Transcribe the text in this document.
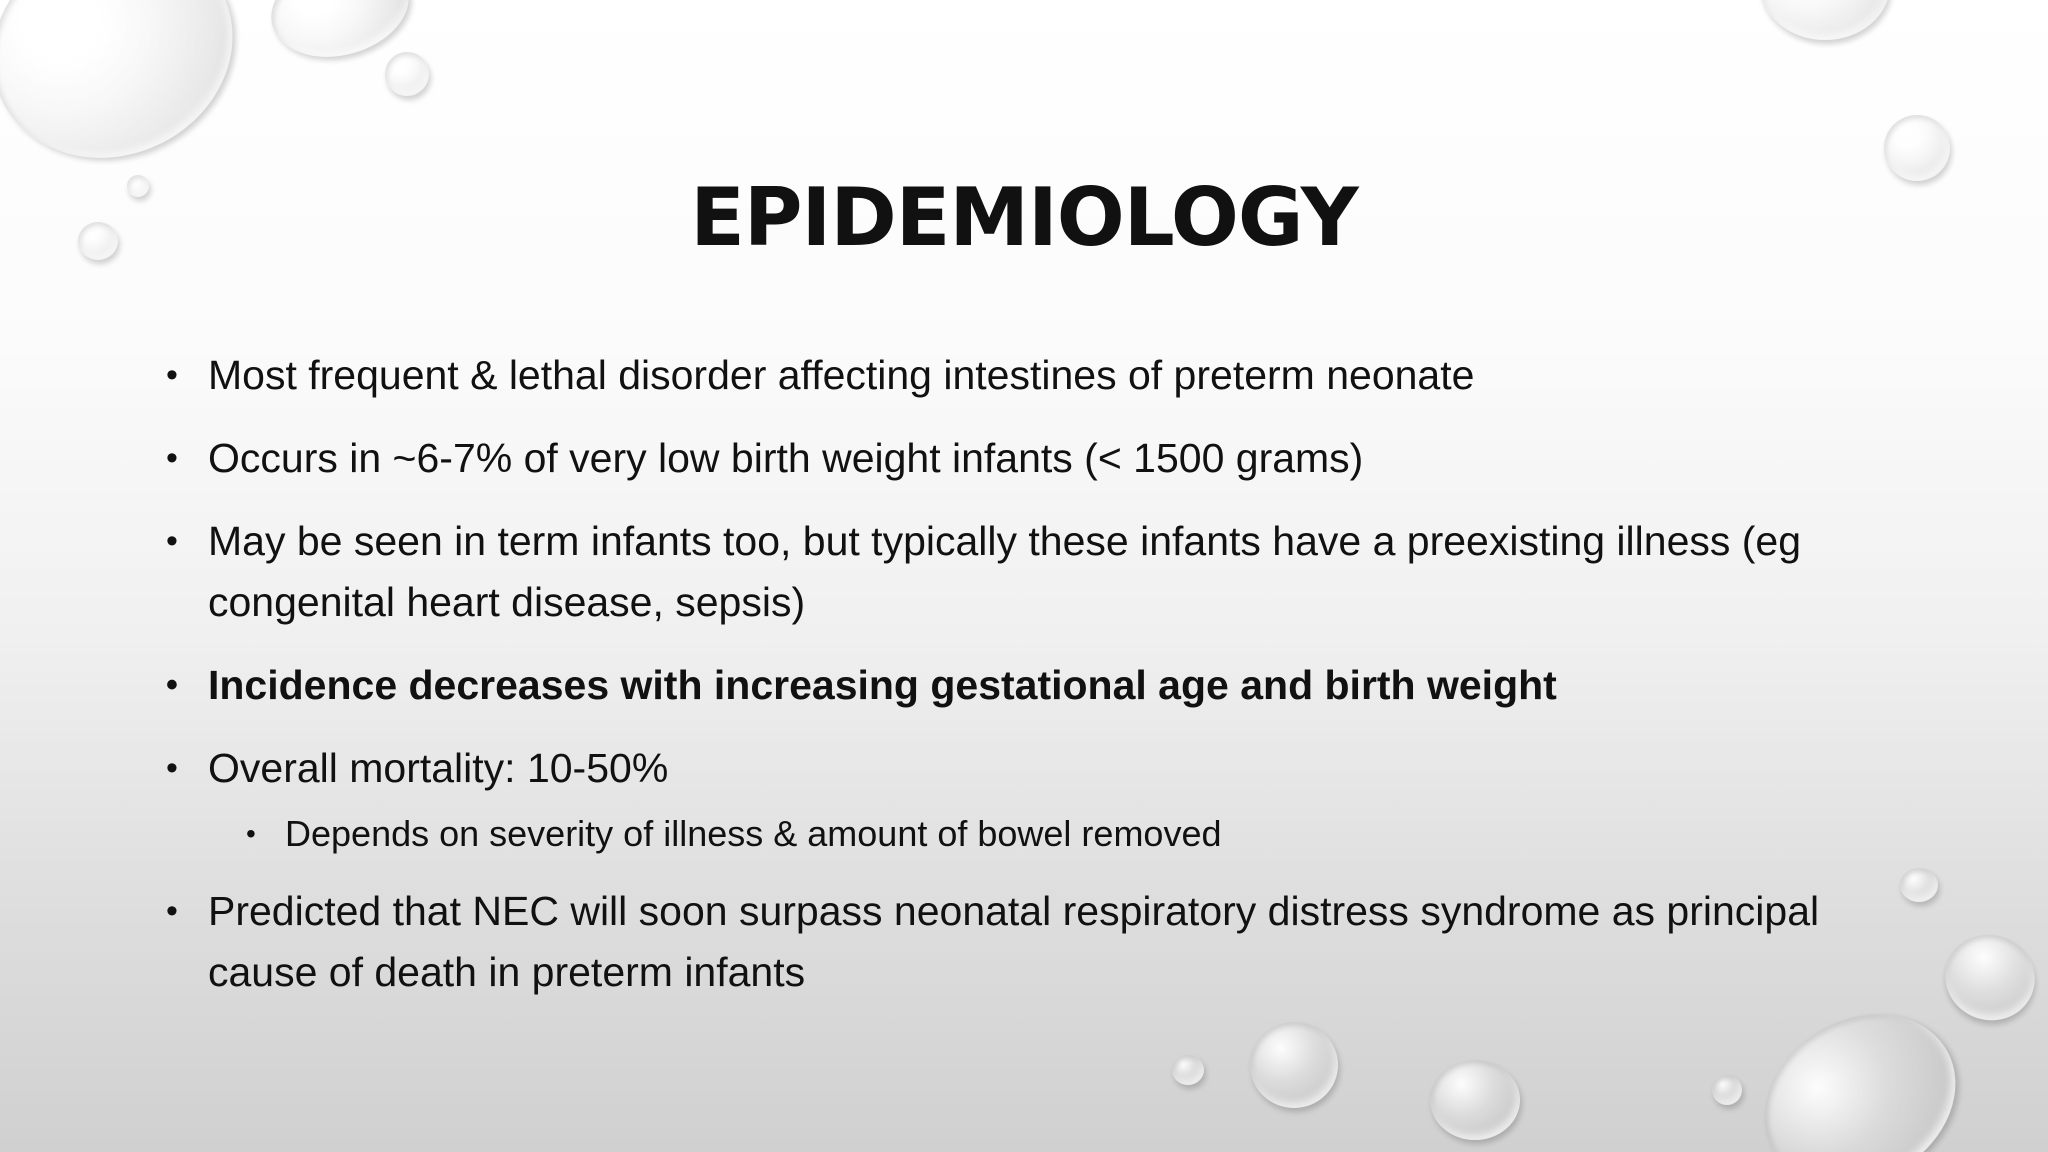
EPIDEMIOLOGY
• Most frequent & lethal disorder affecting intestines of preterm neonate
• Occurs in ~6-7% of very low birth weight infants (< 1500 grams)
• May be seen in term infants too, but typically these infants have a preexisting illness (eg congenital heart disease, sepsis)
• Incidence decreases with increasing gestational age and birth weight
• Overall mortality: 10-50%
• Depends on severity of illness & amount of bowel removed
• Predicted that NEC will soon surpass neonatal respiratory distress syndrome as principal cause of death in preterm infants
